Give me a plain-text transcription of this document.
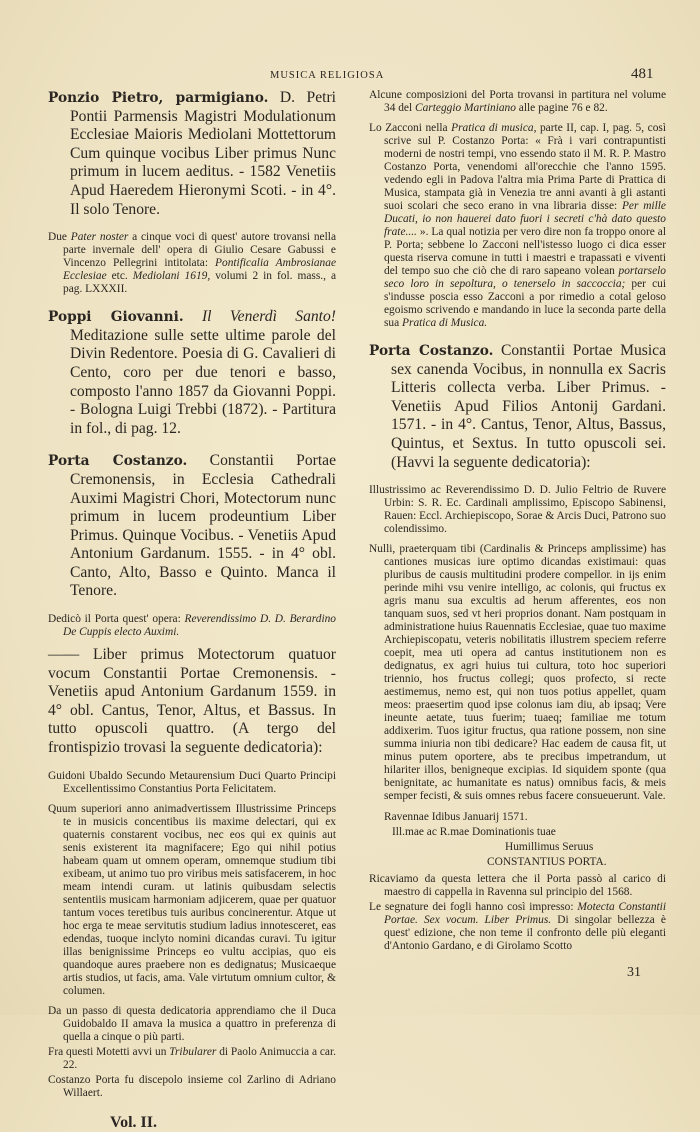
MUSICA RELIGIOSA	481
Ponzio Pietro, parmigiano. D. Petri Pontii Parmensis Magistri Modulationum Ecclesiae Maioris Mediolani Mottettorum Cum quinque vocibus Liber primus Nunc primum in lucem aeditus. - 1582 Venetiis Apud Haeredem Hieronymi Scoti. - in 4°. Il solo Tenore.
Due Pater noster a cinque voci di quest' autore trovansi nella parte invernale dell' opera di Giulio Cesare Gabussi e Vincenzo Pellegrini intitolata: Pontificalia Ambrosianae Ecclesiae etc. Mediolani 1619, volumi 2 in fol. mass., a pag. LXXXII.
Poppi Giovanni. Il Venerdì Santo! Meditazione sulle sette ultime parole del Divin Redentore. Poesia di G. Cavalieri di Cento, coro per due tenori e basso, composto l'anno 1857 da Giovanni Poppi. - Bologna Luigi Trebbi (1872). - Partitura in fol., di pag. 12.
Porta Costanzo. Constantii Portae Cremonensis, in Ecclesia Cathedrali Auximi Magistri Chori, Motectorum nunc primum in lucem prodeuntium Liber Primus. Quinque Vocibus. - Venetiis Apud Antonium Gardanum. 1555. - in 4° obl. Canto, Alto, Basso e Quinto. Manca il Tenore.
Dedicò il Porta quest' opera: Reverendissimo D. D. Berardino De Cuppis electo Auximi.
—— Liber primus Motectorum quatuor vocum Constantii Portae Cremonensis. - Venetiis apud Antonium Gardanum 1559. in 4° obl. Cantus, Tenor, Altus, et Bassus. In tutto opuscoli quattro. (A tergo del frontispizio trovasi la seguente dedicatoria):
Guidoni Ubaldo Secundo Metaurensium Duci Quarto Principi Excellentissimo Constantius Porta Felicitatem.
Quum superiori anno animadvertissem Illustrissime Princeps te in musicis concentibus iis maxime delectari, qui ex quaternis constarent vocibus, nec eos qui ex quinis aut senis existerent ita magnifacere; Ego qui nihil potius habeam quam ut omnem operam, omnemque studium tibi exibeam, ut animo tuo pro viribus meis satisfacerem, in hoc meam intendi curam. ut latinis quibusdam selectis sententiis musicam harmoniam adjicerem, quae per quatuor tantum voces teretibus tuis auribus concinerentur. Atque ut hoc erga te meae servitutis studium ladius innotesceret, eas edendas, tuoque inclyto nomini dicandas curavi. Tu igitur illas benignissime Princeps eo vultu accipias, quo eis quandoque aures praebere non es dedignatus; Musicaeque artis studios, ut facis, ama. Vale virtutum omnium cultor, & columen.
Da un passo di questa dedicatoria apprendiamo che il Duca Guidobaldo II amava la musica a quattro in preferenza di quella a cinque o più parti.
Fra questi Motetti avvi un Tribularer di Paolo Animuccia a car. 22.
Costanzo Porta fu discepolo insieme col Zarlino di Adriano Willaert.
Vol. II.
Alcune composizioni del Porta trovansi in partitura nel volume 34 del Carteggio Martiniano alle pagine 76 e 82.
Lo Zacconi nella Pratica di musica, parte II, cap. I, pag. 5, così scrive sul P. Costanzo Porta: « Frà i vari contrapuntisti moderni de nostri tempi, vno essendo stato il M. R. P. Mastro Costanzo Porta, venendomi all'orecchie che l'anno 1595. vedendo egli in Padova l'altra mia Prima Parte di Prattica di Musica, stampata già in Venezia tre anni avanti à gli astanti suoi scolari che seco erano in vna libraria disse: Per mille Ducati, io non hauerei dato fuori i secreti c'hà dato questo frate.... ». La qual notizia per vero dire non fa troppo onore al P. Porta; sebbene lo Zacconi nell'istesso luogo ci dica esser questa riserva comune in tutti i maestri e trapassati e viventi del tempo suo che ciò che di raro sapeano volean portarselo seco loro in sepoltura, o tenerselo in saccoccia; per cui s'indusse poscia esso Zacconi a por rimedio a cotal geloso egoismo scrivendo e mandando in luce la seconda parte della sua Pratica di Musica.
Porta Costanzo. Constantii Portae Musica sex canenda Vocibus, in nonnulla ex Sacris Litteris collecta verba. Liber Primus. - Venetiis Apud Filios Antonij Gardani. 1571. - in 4°. Cantus, Tenor, Altus, Bassus, Quintus, et Sextus. In tutto opuscoli sei. (Havvi la seguente dedicatoria):
Illustrissimo ac Reverendissimo D. D. Julio Feltrio de Ruvere Urbin: S. R. Ec. Cardinali amplissimo, Episcopo Sabinensi, Rauen: Eccl. Archiepiscopo, Sorae & Arcis Duci, Patrono suo colendissimo.
Nulli, praeterquam tibi (Cardinalis & Princeps amplissime) has cantiones musicas iure optimo dicandas existimaui: quas pluribus de causis multitudini prodere compellor. in ijs enim perinde mihi vsu venire intelligo, ac colonis, qui fructus ex agris manu sua excultis ad herum afferentes, eos non tanquam suos, sed vt heri proprios donant. Nam postquam in administratione huius Rauennatis Ecclesiae, quae tuo maxime Archiepiscopatu, veteris nobilitatis illustrem speciem referre coepit, mea uti opera ad cantus institutionem non es dedignatus, ex agri huius tui cultura, toto hoc superiori triennio, hos fructus collegi; quos profecto, si recte aestimemus, nemo est, qui non tuos potius appellet, quam meos: praesertim quod ipse colonus iam diu, ab ipsaq; Vere ineunte aetate, tuus fuerim; tuaeq; familiae me totum addixerim. Tuos igitur fructus, qua ratione possem, non sine summa iniuria non tibi dedicare? Hac eadem de causa fit, ut minus putem oportere, abs te precibus impetrandum, ut hilariter illos, benigneque excipias. Id siquidem sponte (qua benignitate, ac humanitate es natus) omnibus facis, & meis semper fecisti, & suis omnes rebus facere consueuerunt. Vale.
Ravennae Idibus Januarij 1571.
Ill.mae ac R.mae Dominationis tuae
Humillimus Seruus
CONSTANTIUS PORTA.
Ricaviamo da questa lettera che il Porta passò al carico di maestro di cappella in Ravenna sul principio del 1568.
Le segnature dei fogli hanno così impresso: Motecta Constantii Portae. Sex vocum. Liber Primus. Di singolar bellezza è quest' edizione, che non teme il confronto delle più eleganti d'Antonio Gardano, e di Girolamo Scotto
31
